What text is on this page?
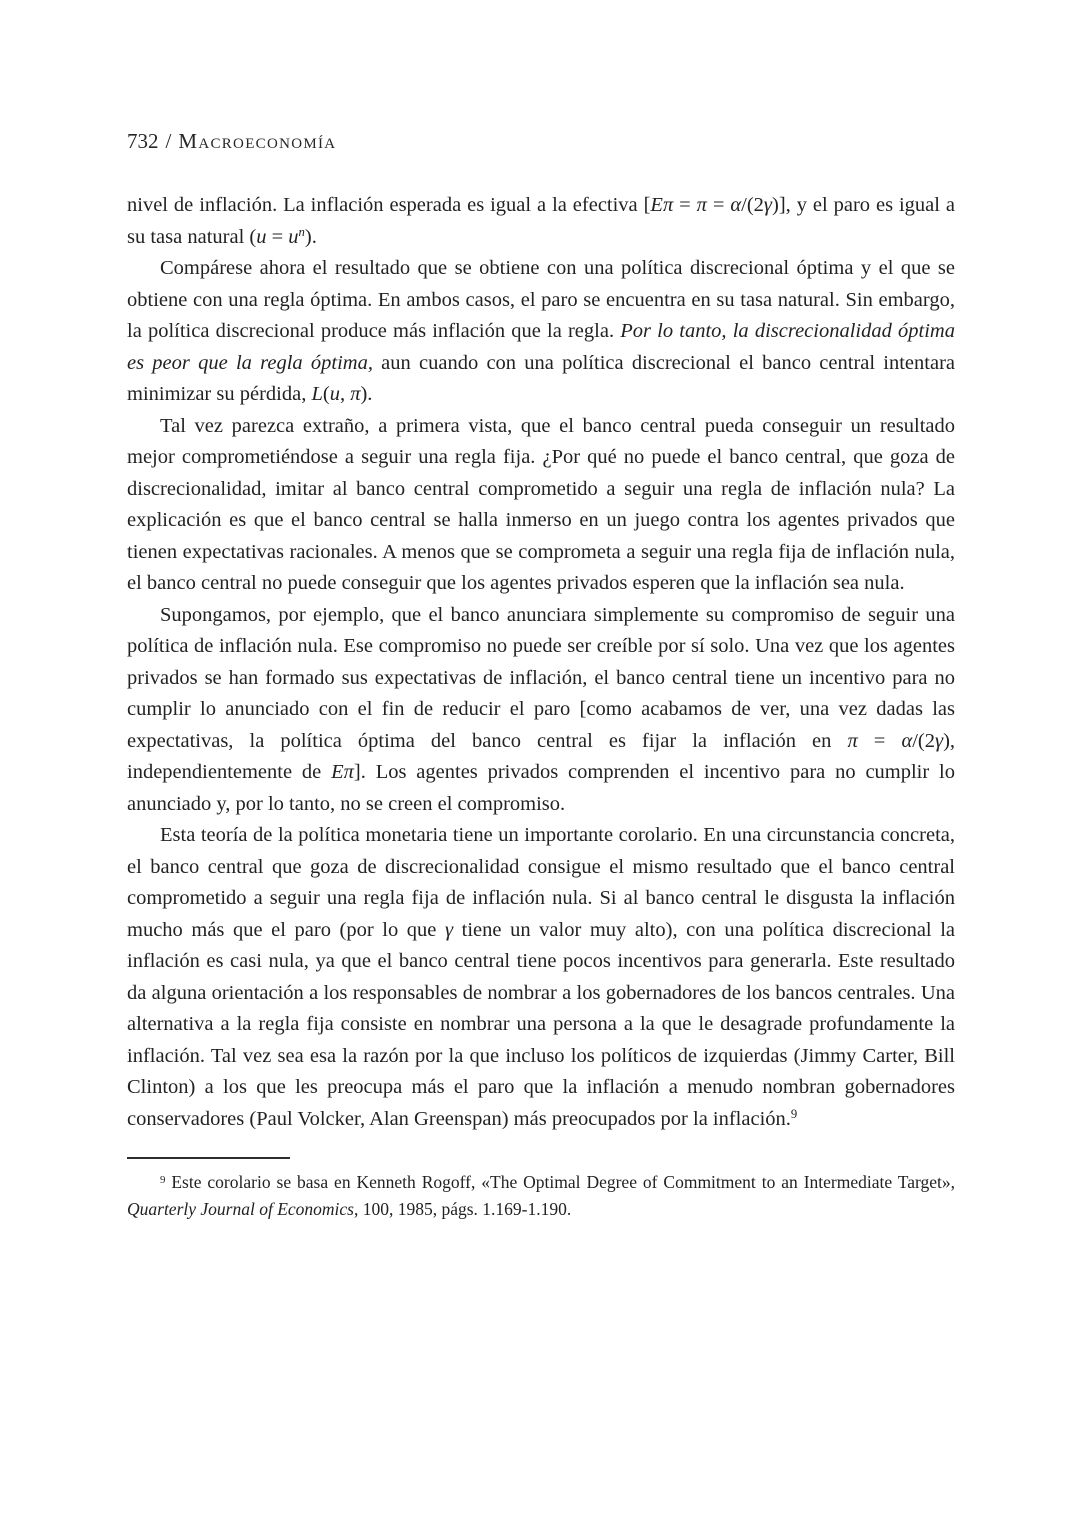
732 / Macroeconomía

nivel de inflación. La inflación esperada es igual a la efectiva [Eπ = π = α/(2γ)], y el paro es igual a su tasa natural $(u = u^n)$.

Compárese ahora el resultado que se obtiene con una política discrecional óptima y el que se obtiene con una regla óptima. En ambos casos, el paro se encuentra en su tasa natural. Sin embargo, la política discrecional produce más inflación que la regla. Por lo tanto, la discrecionalidad óptima es peor que la regla óptima, aun cuando con una política discrecional el banco central intentara minimizar su pérdida, L(u, π).

Tal vez parezca extraño, a primera vista, que el banco central pueda conseguir un resultado mejor comprometiéndose a seguir una regla fija. ¿Por qué no puede el banco central, que goza de discrecionalidad, imitar al banco central comprometido a seguir una regla de inflación nula? La explicación es que el banco central se halla inmerso en un juego contra los agentes privados que tienen expectativas racionales. A menos que se comprometa a seguir una regla fija de inflación nula, el banco central no puede conseguir que los agentes privados esperen que la inflación sea nula.

Supongamos, por ejemplo, que el banco anunciara simplemente su compromiso de seguir una política de inflación nula. Ese compromiso no puede ser creíble por sí solo. Una vez que los agentes privados se han formado sus expectativas de inflación, el banco central tiene un incentivo para no cumplir lo anunciado con el fin de reducir el paro [como acabamos de ver, una vez dadas las expectativas, la política óptima del banco central es fijar la inflación en π = α/(2γ), independientemente de Eπ]. Los agentes privados comprenden el incentivo para no cumplir lo anunciado y, por lo tanto, no se creen el compromiso.

Esta teoría de la política monetaria tiene un importante corolario. En una circunstancia concreta, el banco central que goza de discrecionalidad consigue el mismo resultado que el banco central comprometido a seguir una regla fija de inflación nula. Si al banco central le disgusta la inflación mucho más que el paro (por lo que γ tiene un valor muy alto), con una política discrecional la inflación es casi nula, ya que el banco central tiene pocos incentivos para generarla. Este resultado da alguna orientación a los responsables de nombrar a los gobernadores de los bancos centrales. Una alternativa a la regla fija consiste en nombrar una persona a la que le desagrade profundamente la inflación. Tal vez sea esa la razón por la que incluso los políticos de izquierdas (Jimmy Carter, Bill Clinton) a los que les preocupa más el paro que la inflación a menudo nombran gobernadores conservadores (Paul Volcker, Alan Greenspan) más preocupados por la inflación.$^9$

$^9$ Este corolario se basa en Kenneth Rogoff, «The Optimal Degree of Commitment to an Intermediate Target», Quarterly Journal of Economics, 100, 1985, págs. 1.169-1.190.
